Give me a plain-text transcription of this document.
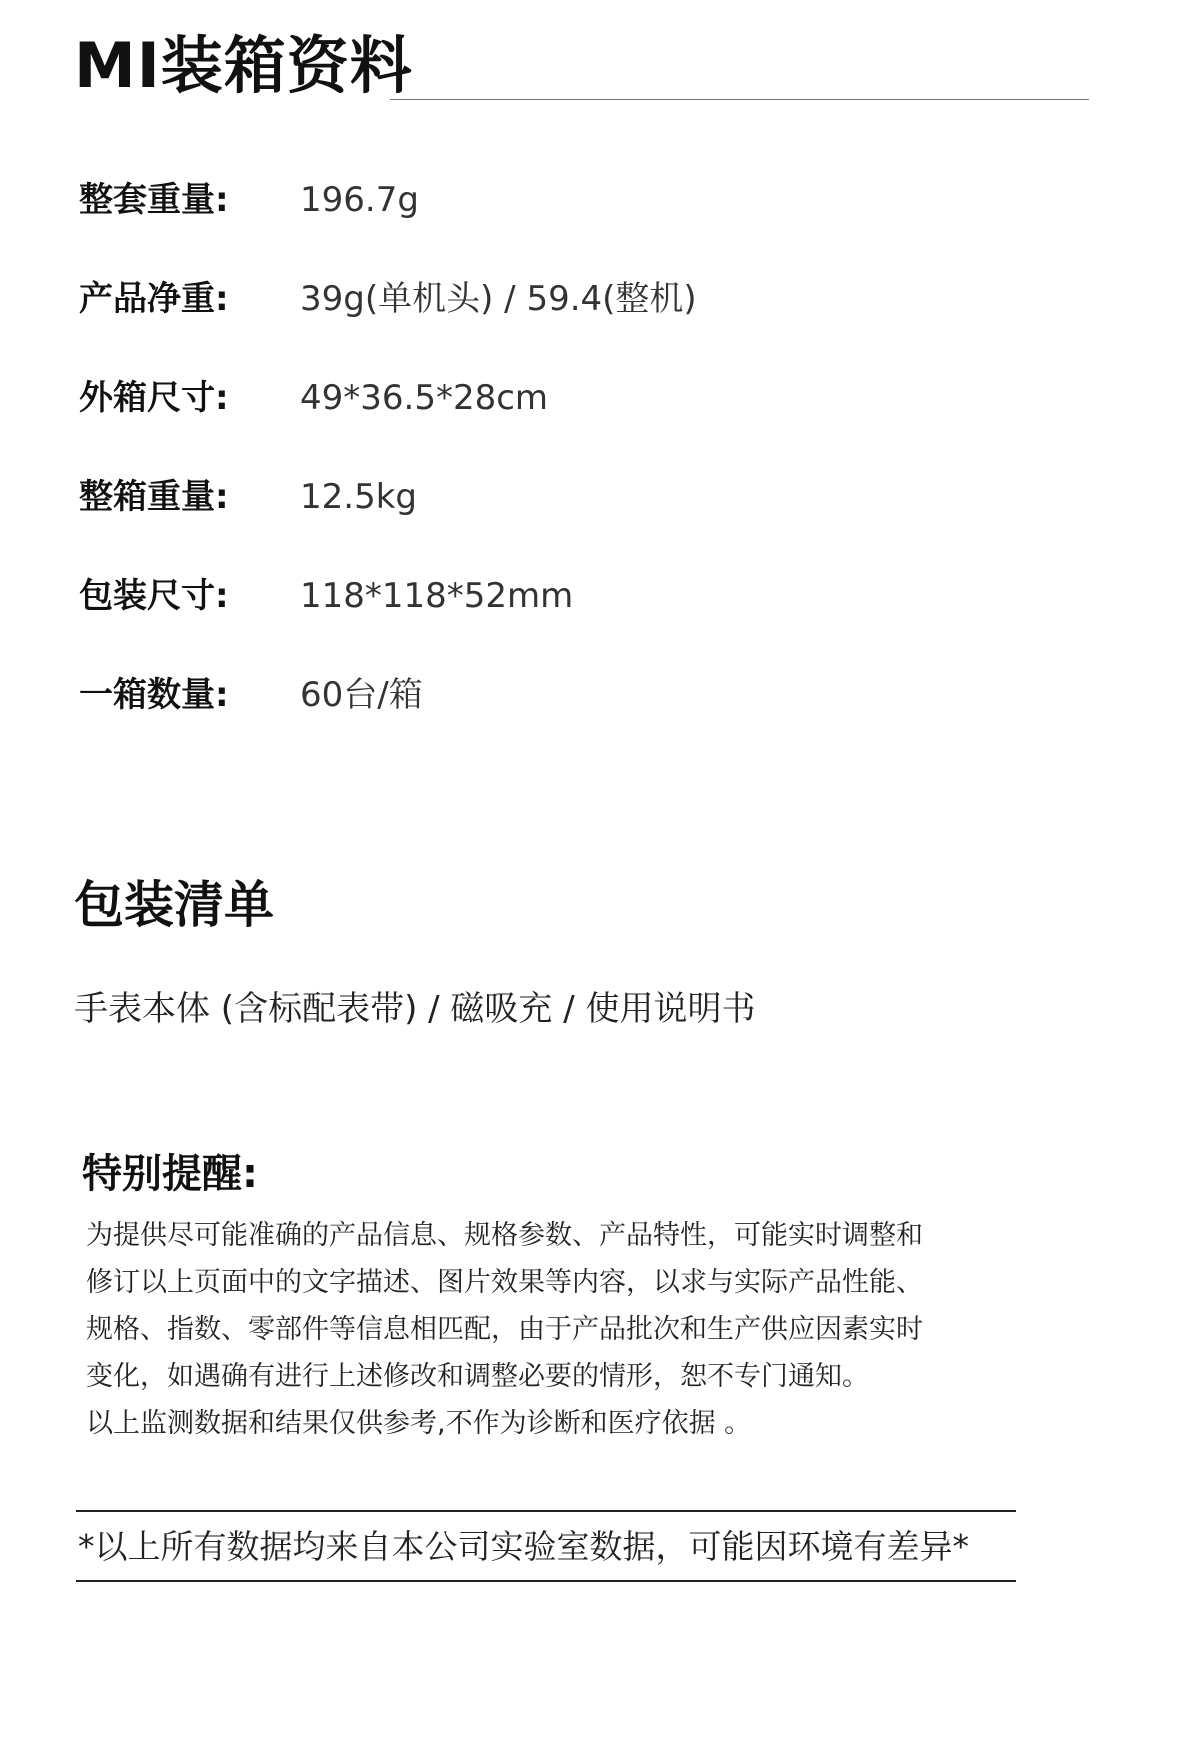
MI装箱资料
整套重量: 196.7g
产品净重: 39g(单机头) / 59.4(整机)
外箱尺寸: 49*36.5*28cm
整箱重量: 12.5kg
包装尺寸: 118*118*52mm
一箱数量: 60台/箱
包装清单
手表本体 (含标配表带) / 磁吸充 / 使用说明书
特别提醒:
为提供尽可能准确的产品信息、规格参数、产品特性，可能实时调整和
修订以上页面中的文字描述、图片效果等内容，以求与实际产品性能、
规格、指数、零部件等信息相匹配，由于产品批次和生产供应因素实时
变化，如遇确有进行上述修改和调整必要的情形，恕不专门通知。
以上监测数据和结果仅供参考,不作为诊断和医疗依据 。
*以上所有数据均来自本公司实验室数据，可能因环境有差异*
